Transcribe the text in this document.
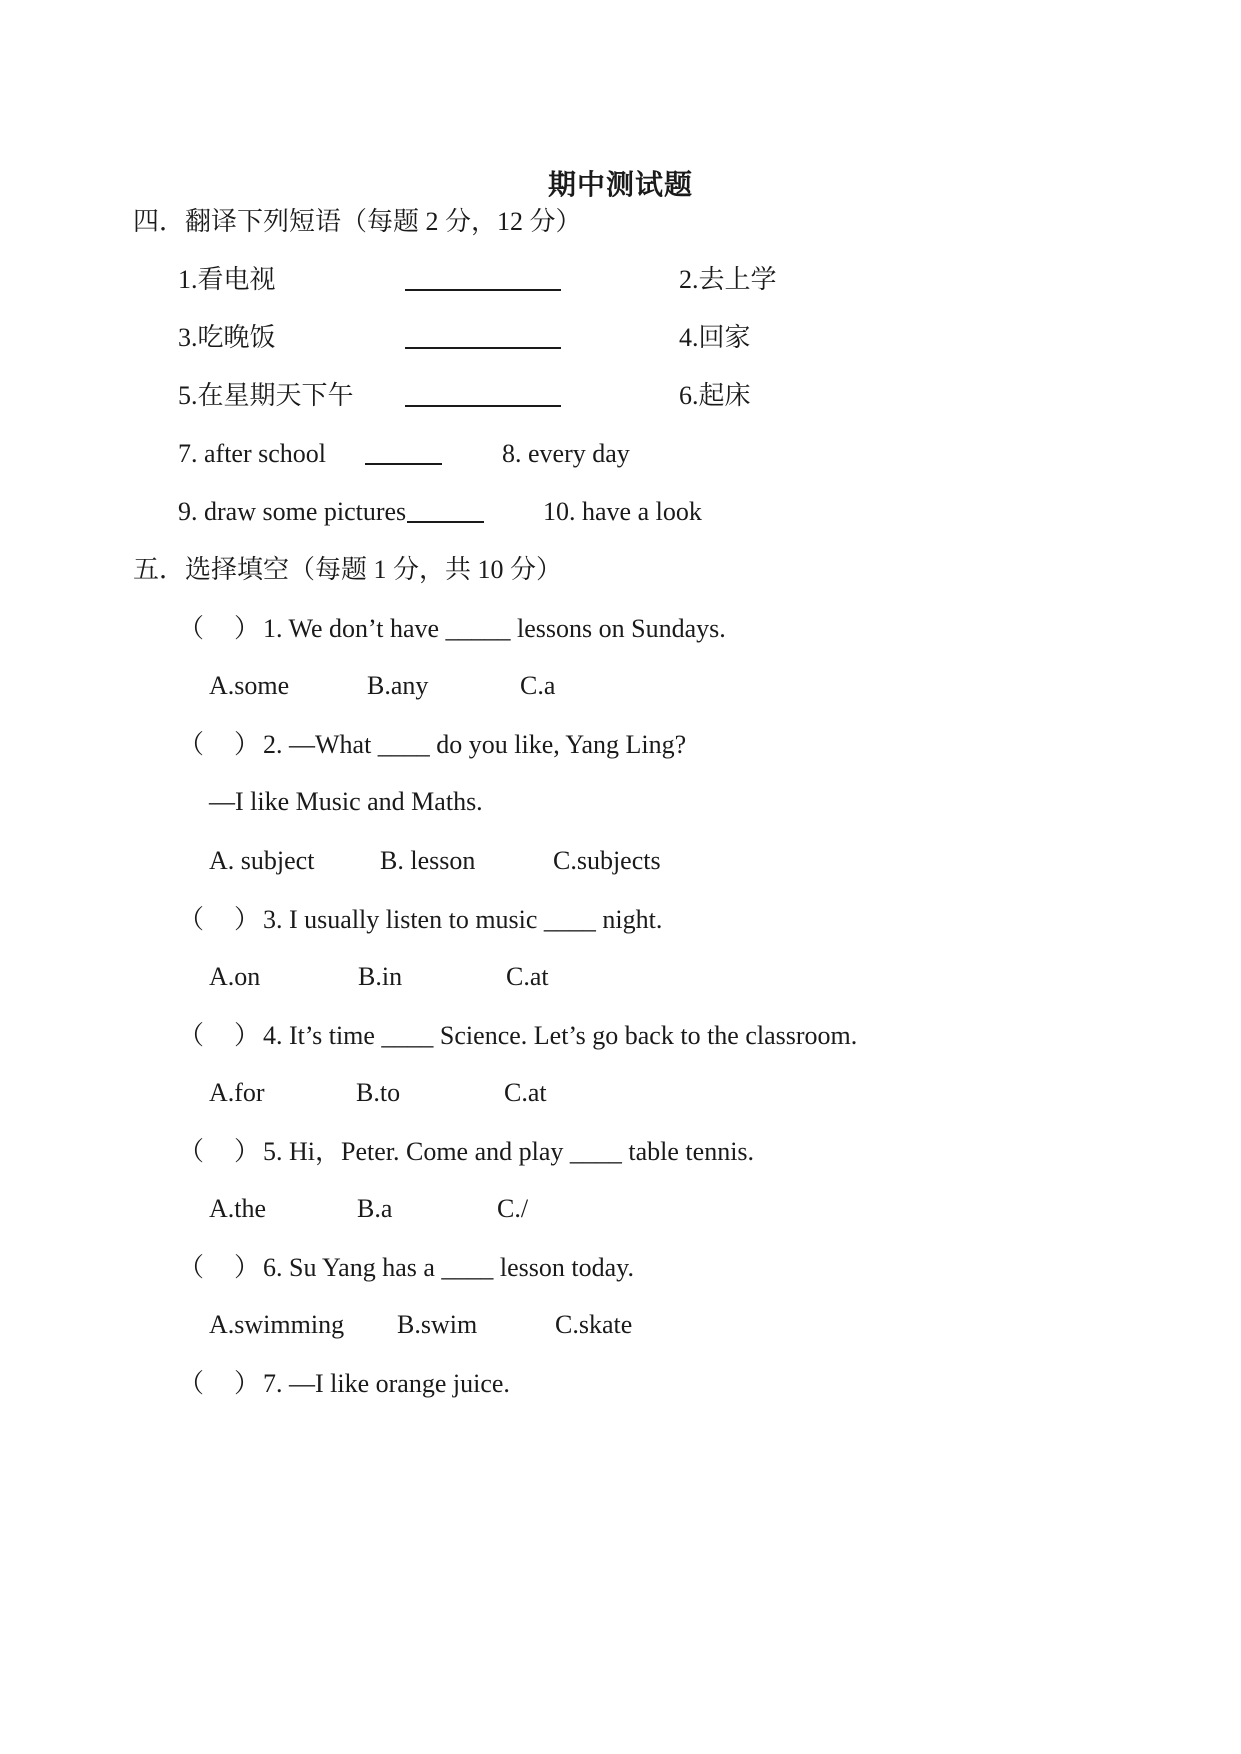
期中测试题
四．翻译下列短语（每题 2 分，12 分）
1.看电视	2.去上学
3.吃晚饭	4.回家
5.在星期天下午	6.起床
7. after school	8. every day
9. draw some pictures	10. have a look
五．选择填空（每题 1 分，共 10 分）
（ ） 1. We don’t have _____ lessons on Sundays.
A.some	B.any	C.a
（ ） 2. —What ____ do you like, Yang Ling?
—I like Music and Maths.
A. subject	B. lesson	C.subjects
（ ） 3. I usually listen to music ____ night.
A.on	B.in	C.at
（ ） 4. It’s time ____ Science. Let’s go back to the classroom.
A.for	B.to	C.at
（ ） 5. Hi，Peter. Come and play ____ table tennis.
A.the	B.a	C./
（ ） 6. Su Yang has a ____ lesson today.
A.swimming B.swim	C.skate
（ ） 7. —I like orange juice.
